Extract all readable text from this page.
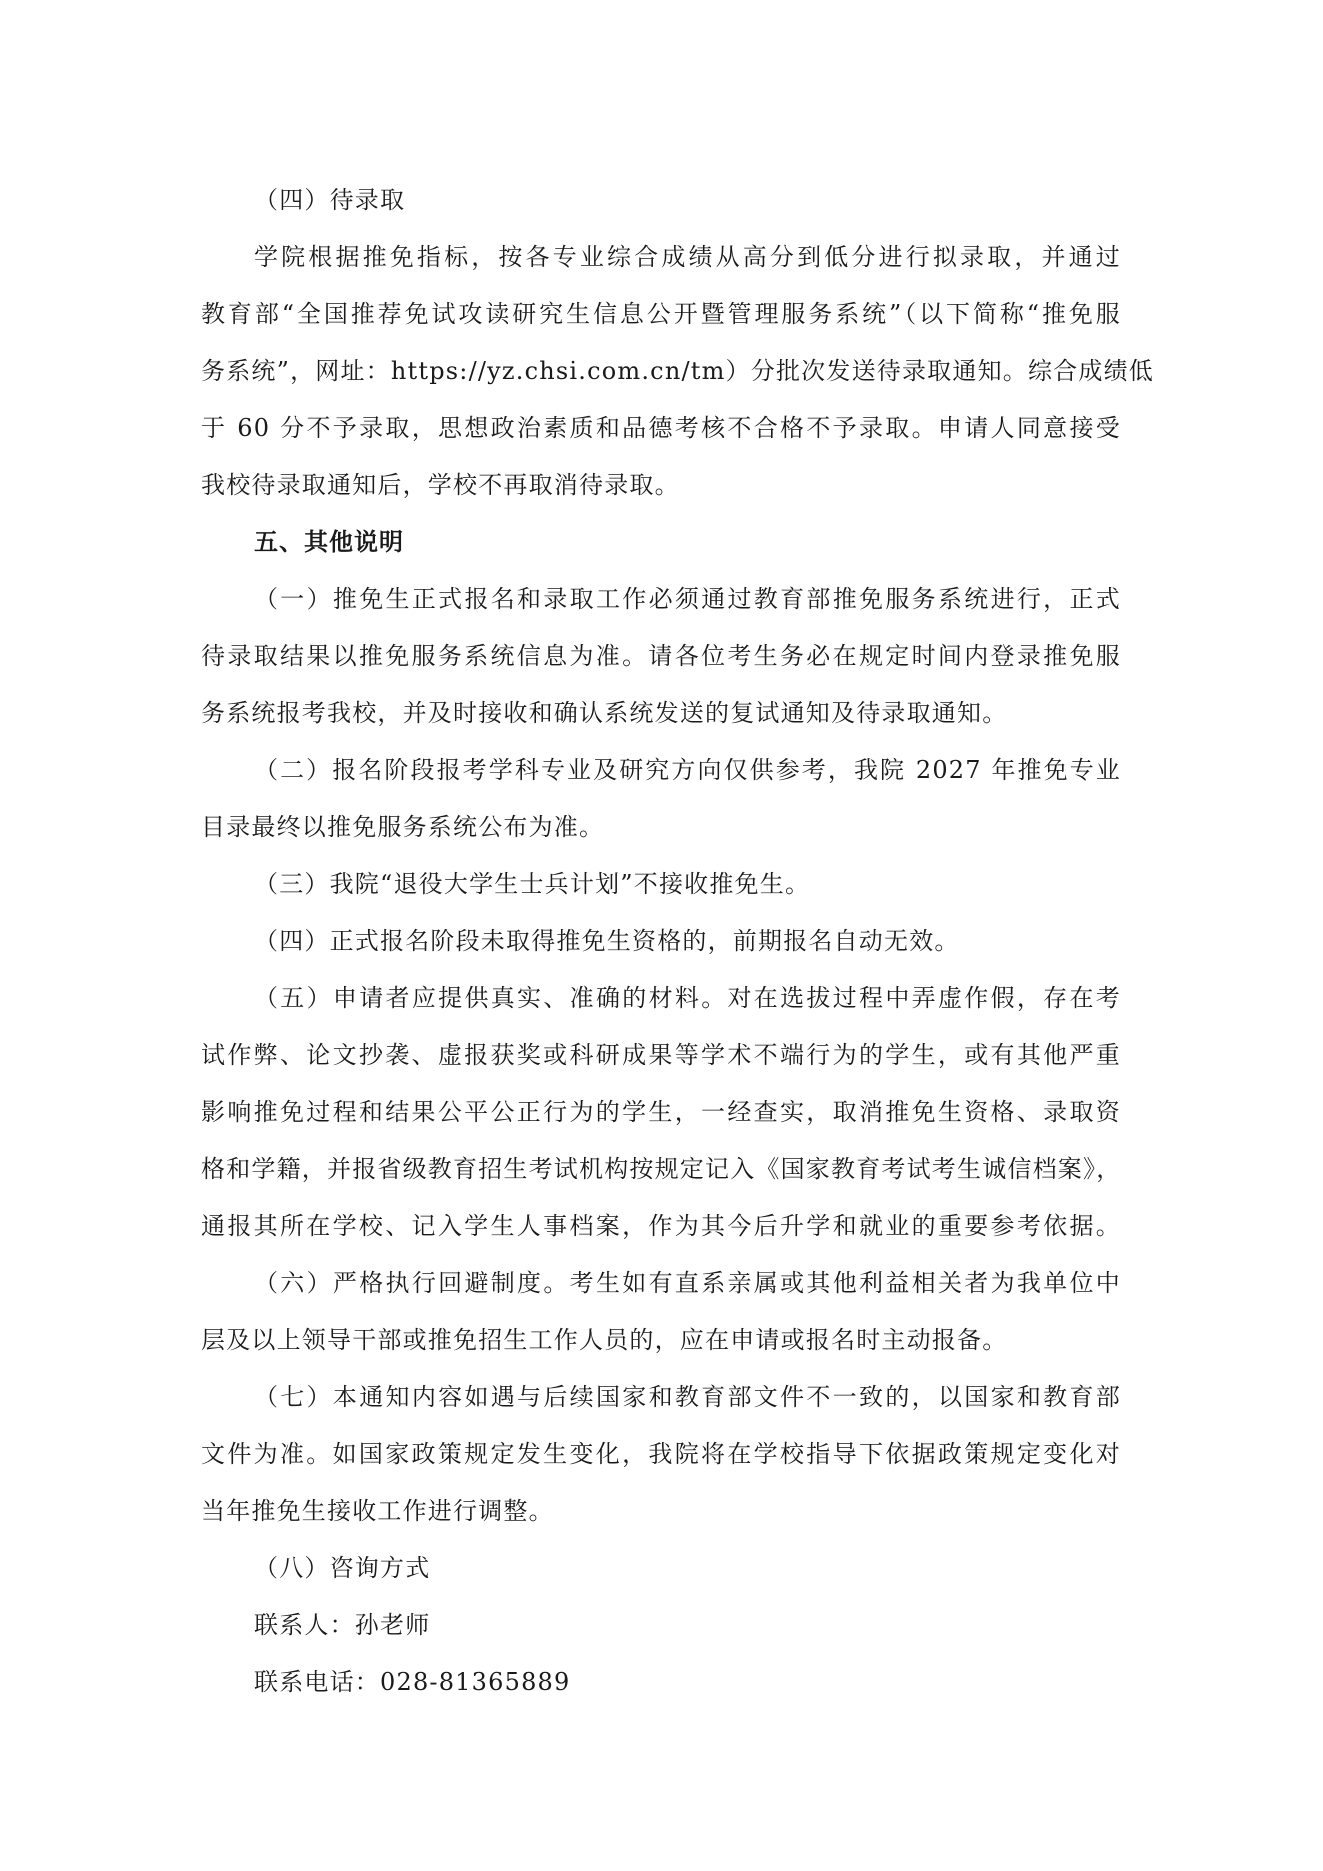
（四）待录取
学院根据推免指标，按各专业综合成绩从高分到低分进行拟录取，并通过
教育部“全国推荐免试攻读研究生信息公开暨管理服务系统”（以下简称“推免服
务系统”，网址：https://yz.chsi.com.cn/tm）分批次发送待录取通知。综合成绩低
于 60 分不予录取，思想政治素质和品德考核不合格不予录取。申请人同意接受
我校待录取通知后，学校不再取消待录取。
五、其他说明
（一）推免生正式报名和录取工作必须通过教育部推免服务系统进行，正式
待录取结果以推免服务系统信息为准。请各位考生务必在规定时间内登录推免服
务系统报考我校，并及时接收和确认系统发送的复试通知及待录取通知。
（二）报名阶段报考学科专业及研究方向仅供参考，我院 2027 年推免专业
目录最终以推免服务系统公布为准。
（三）我院“退役大学生士兵计划”不接收推免生。
（四）正式报名阶段未取得推免生资格的，前期报名自动无效。
（五）申请者应提供真实、准确的材料。对在选拔过程中弄虚作假，存在考
试作弊、论文抄袭、虚报获奖或科研成果等学术不端行为的学生，或有其他严重
影响推免过程和结果公平公正行为的学生，一经查实，取消推免生资格、录取资
格和学籍，并报省级教育招生考试机构按规定记入《国家教育考试考生诚信档案》，
通报其所在学校、记入学生人事档案，作为其今后升学和就业的重要参考依据。
（六）严格执行回避制度。考生如有直系亲属或其他利益相关者为我单位中
层及以上领导干部或推免招生工作人员的，应在申请或报名时主动报备。
（七）本通知内容如遇与后续国家和教育部文件不一致的，以国家和教育部
文件为准。如国家政策规定发生变化，我院将在学校指导下依据政策规定变化对
当年推免生接收工作进行调整。
（八）咨询方式
联系人：孙老师
联系电话：028-81365889
